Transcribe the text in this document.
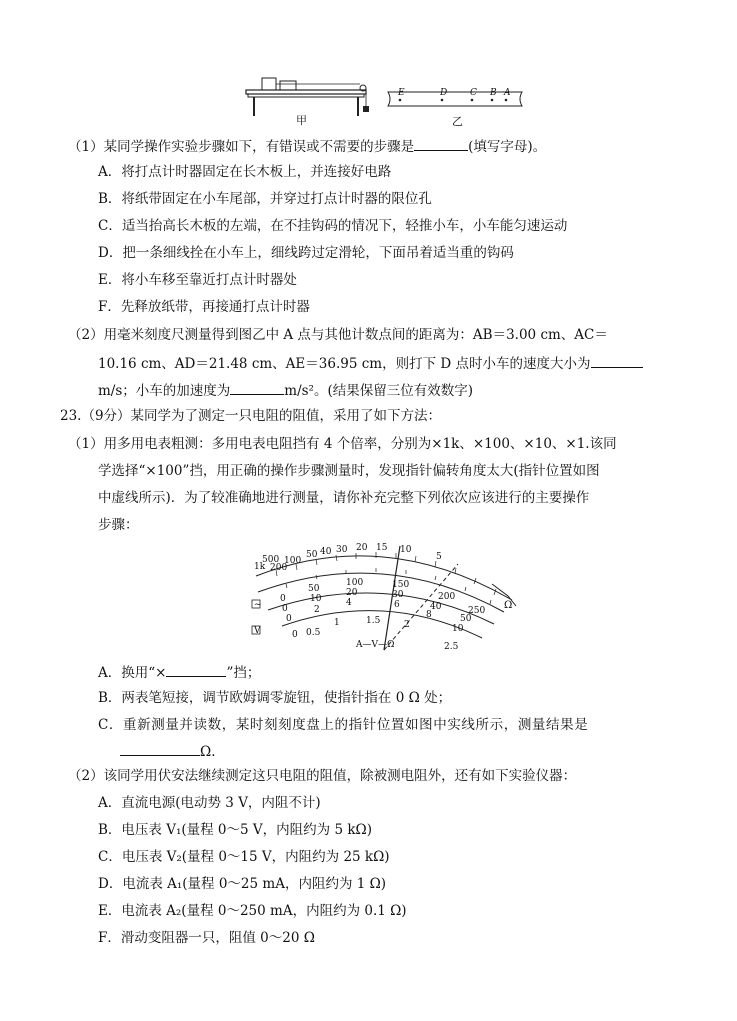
甲
E	D	C B A
乙
（1）某同学操作实验步骤如下，有错误或不需要的步骤是	(填写字母)。
A．将打点计时器固定在长木板上，并连接好电路
B．将纸带固定在小车尾部，并穿过打点计时器的限位孔
C．适当抬高长木板的左端，在不挂钩码的情况下，轻推小车，小车能匀速运动
D．把一条细线拴在小车上，细线跨过定滑轮，下面吊着适当重的钩码
E．将小车移至靠近打点计时器处
F．先释放纸带，再接通打点计时器
（2）用毫米刻度尺测量得到图乙中 A 点与其他计数点间的距离为：AB＝3.00 cm、AC＝
10.16 cm、AD＝21.48 cm、AE＝36.95 cm，则打下 D 点时小车的速度大小为
m/s；小车的加速度为	m/s²。(结果保留三位有效数字)
23.（9分）某同学为了测定一只电阻的阻值，采用了如下方法：
（1）用多用电表粗测：多用电表电阻挡有 4 个倍率，分别为×1k、×100、×10、×1.该同
学选择“×100”挡，用正确的操作步骤测量时，发现指针偏转角度太大(指针位置如图
中虚线所示)．为了较准确地进行测量，请你补充完整下列依次应该进行的主要操作
步骤：
1k
500
200
100
50 40 30 20 15 10
5
0
50
100	150
200
250
0
10
20	30
40
50
0
2
4	6
8
10
0 0.5
1	1.5	2
2.5
Ω
V
~
A—V—Ω
A．换用“×	”挡；
B．两表笔短接，调节欧姆调零旋钮，使指针指在 0 Ω 处；
C．重新测量并读数，某时刻刻度盘上的指针位置如图中实线所示，测量结果是
Ω.
（2）该同学用伏安法继续测定这只电阻的阻值，除被测电阻外，还有如下实验仪器：
A．直流电源(电动势 3 V，内阻不计)
B．电压表 V₁(量程 0～5 V，内阻约为 5 kΩ)
C．电压表 V₂(量程 0～15 V，内阻约为 25 kΩ)
D．电流表 A₁(量程 0～25 mA，内阻约为 1 Ω)
E．电流表 A₂(量程 0～250 mA，内阻约为 0.1 Ω)
F．滑动变阻器一只，阻值 0～20 Ω
